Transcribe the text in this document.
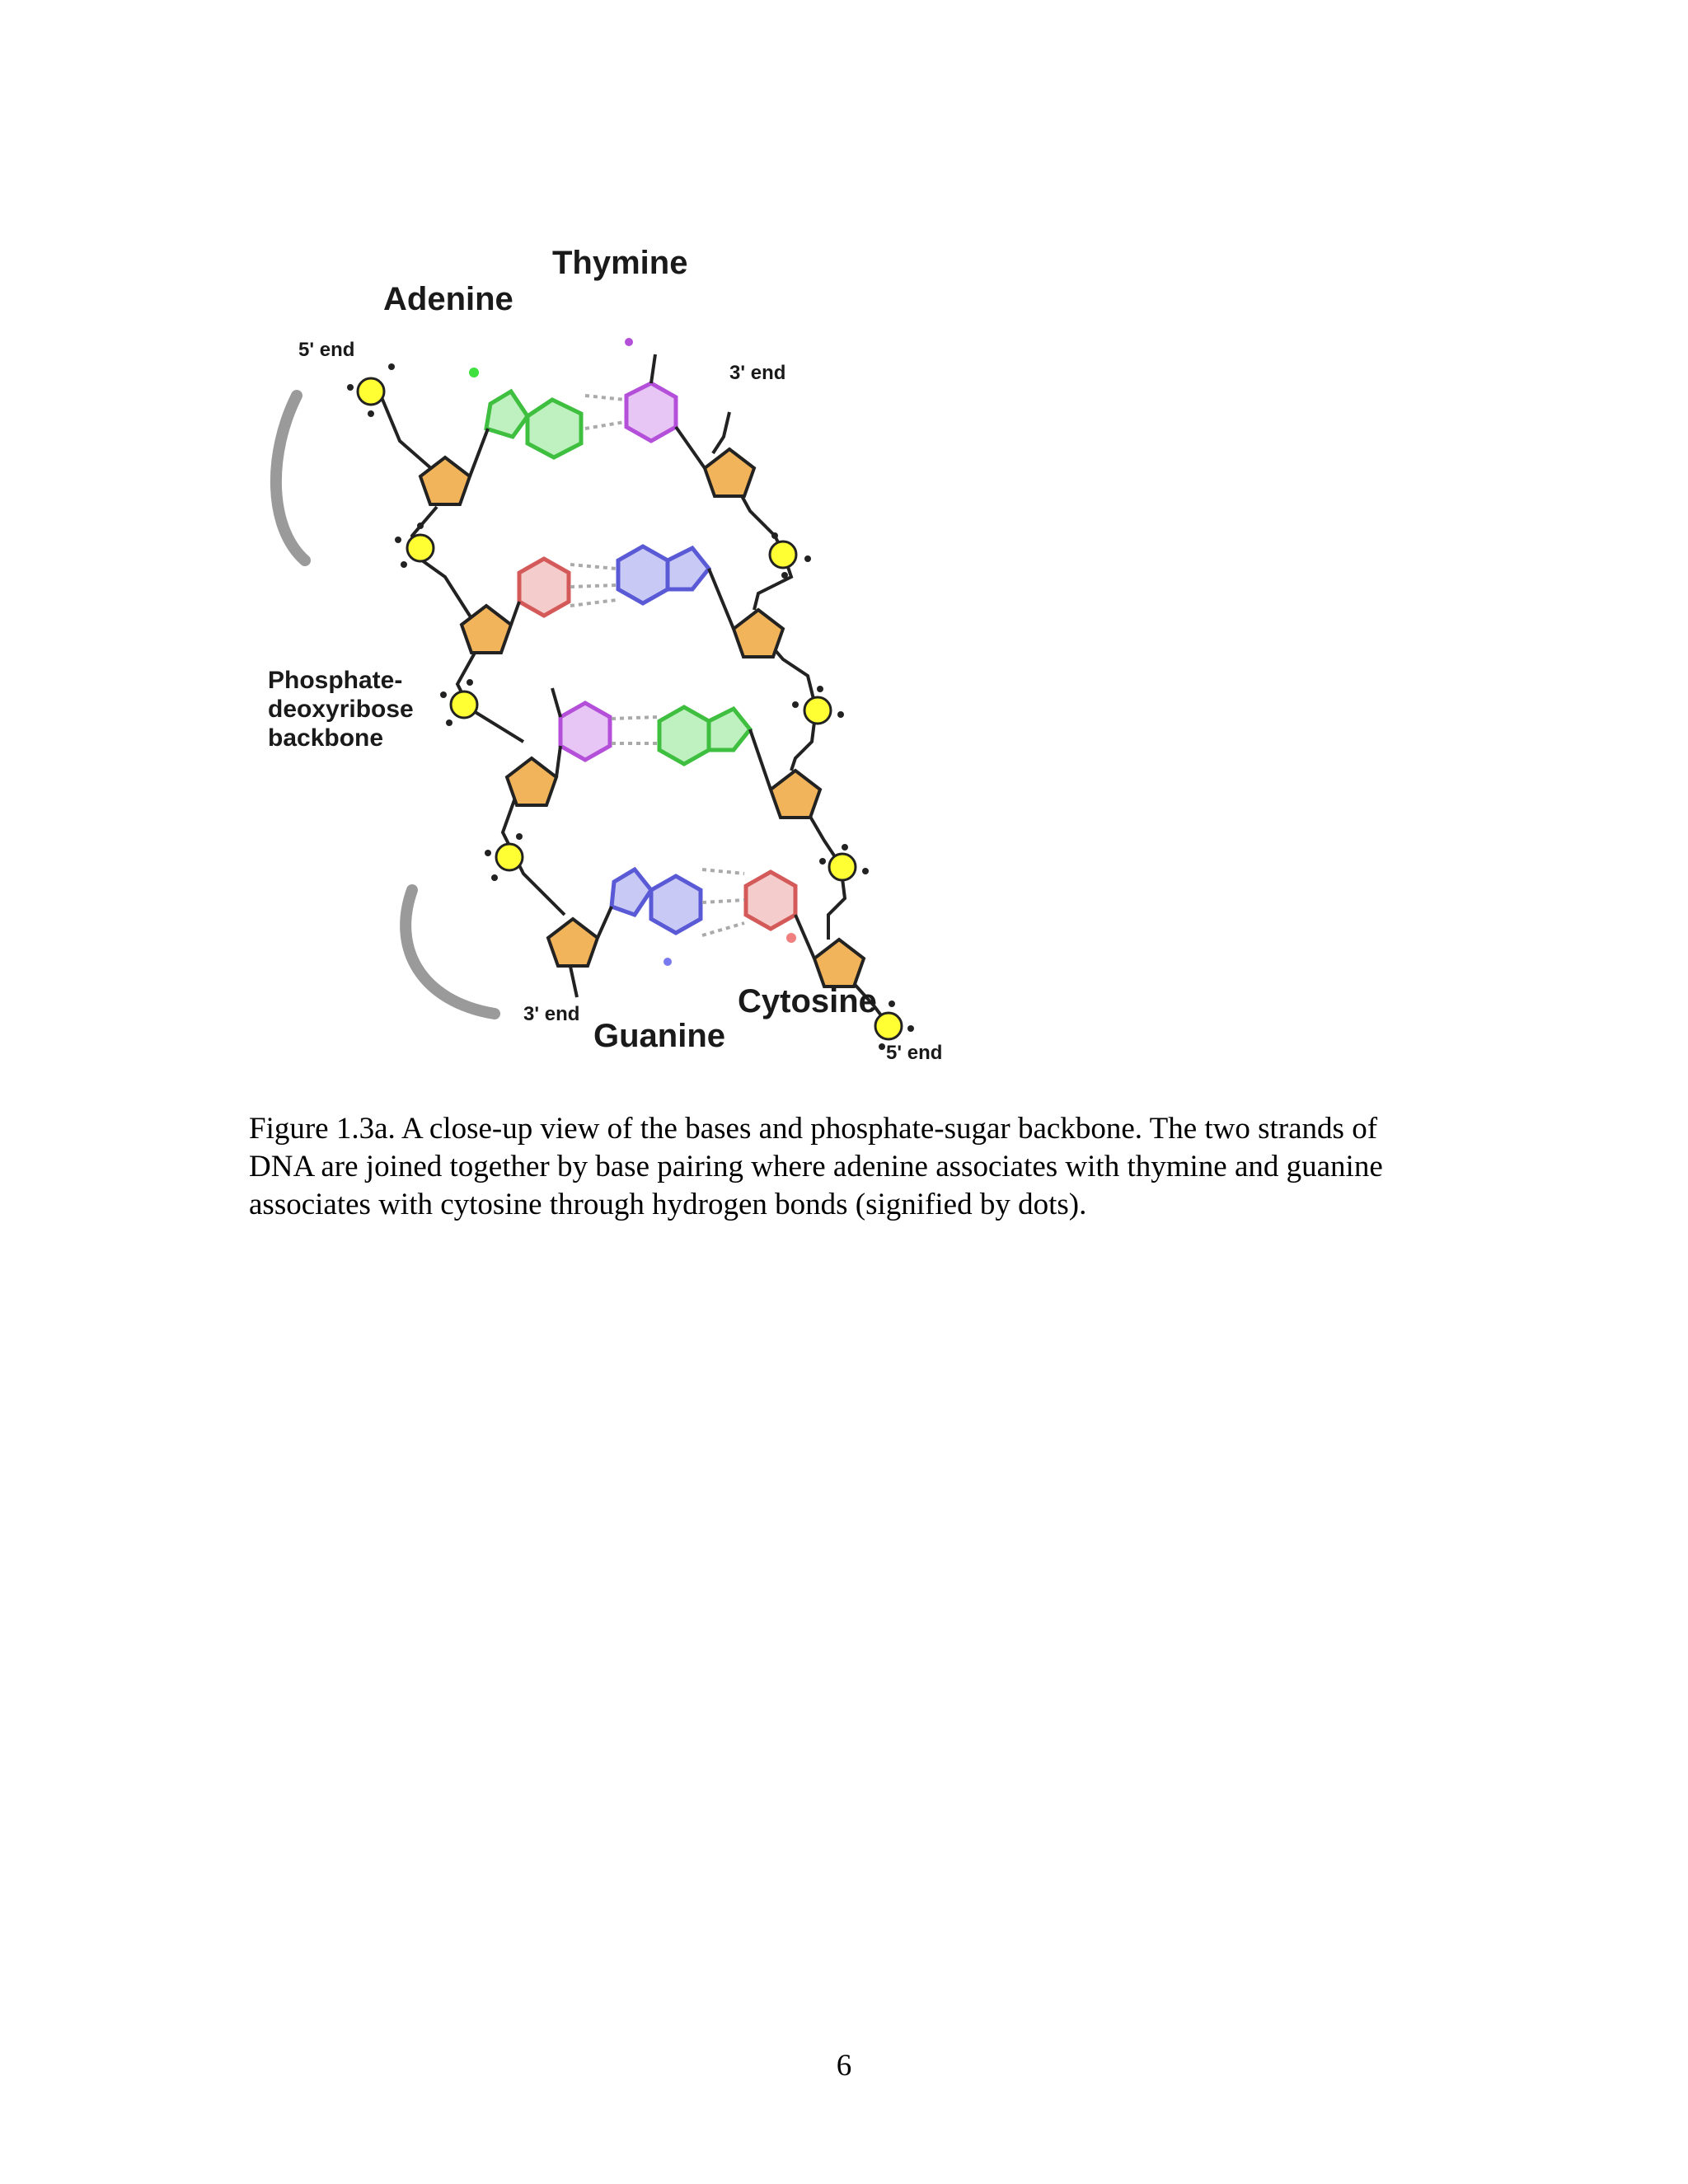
Thymine
Adenine
5' end
3' end
Phosphate-
deoxyribose
backbone
3' end	Cytosine
Guanine	5' end

Figure 1.3a. A close-up view of the bases and phosphate-sugar backbone. The two strands of DNA are joined together by base pairing where adenine associates with thymine and guanine associates with cytosine through hydrogen bonds (signified by dots).

6
